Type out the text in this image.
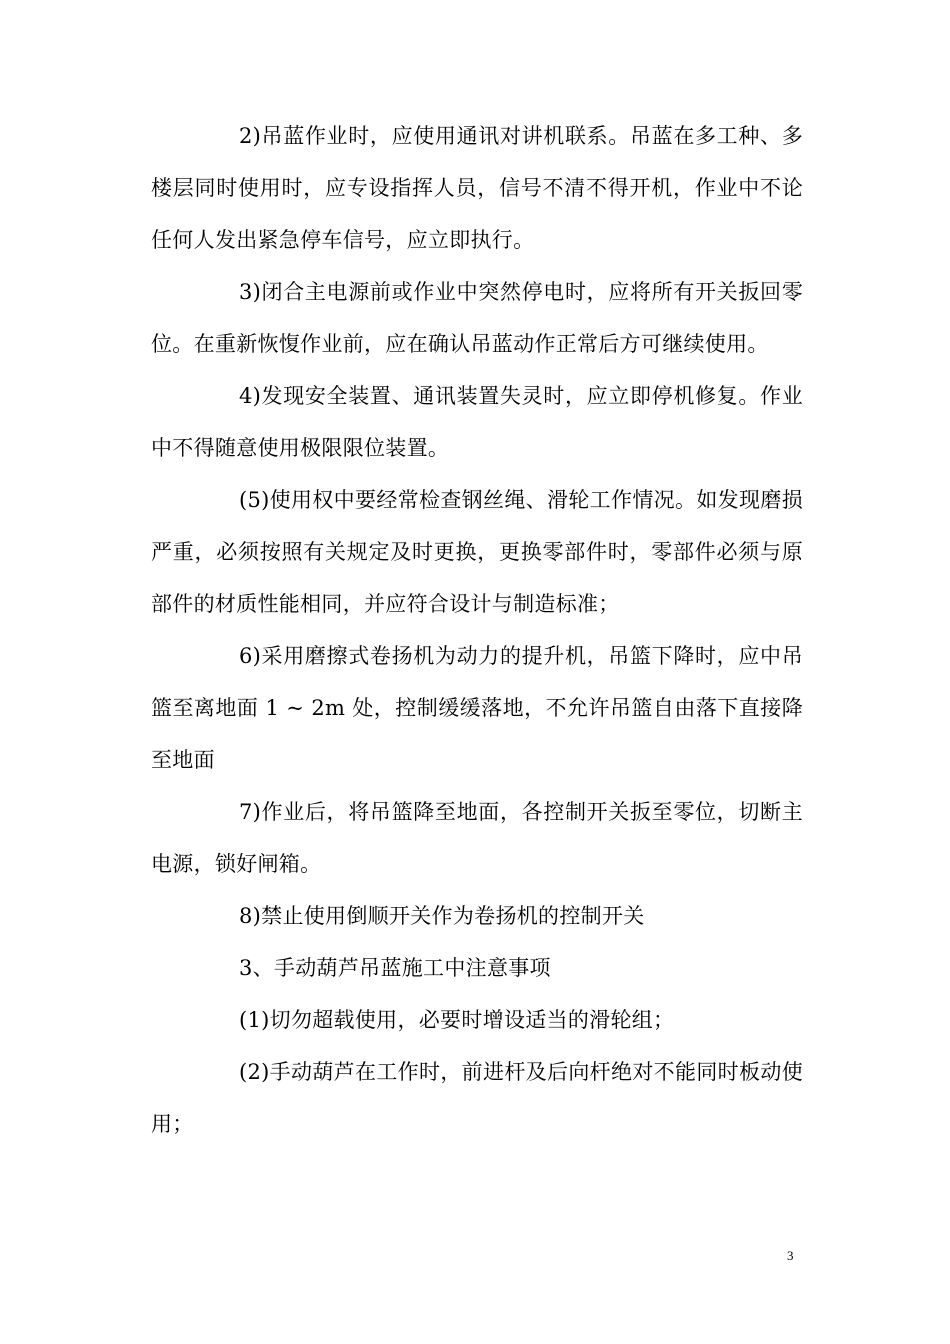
2)吊蓝作业时，应使用通讯对讲机联系。吊蓝在多工种、多楼层同时使用时，应专设指挥人员，信号不清不得开机，作业中不论任何人发出紧急停车信号，应立即执行。

3)闭合主电源前或作业中突然停电时，应将所有开关扳回零位。在重新恢愎作业前，应在确认吊蓝动作正常后方可继续使用。

4)发现安全装置、通讯装置失灵时，应立即停机修复。作业中不得随意使用极限限位装置。

(5)使用权中要经常检查钢丝绳、滑轮工作情况。如发现磨损严重，必须按照有关规定及时更换，更换零部件时，零部件必须与原部件的材质性能相同，并应符合设计与制造标准；

6)采用磨擦式卷扬机为动力的提升机，吊篮下降时，应中吊篮至离地面 1 ~ 2m 处，控制缓缓落地，不允许吊篮自由落下直接降至地面

7)作业后，将吊篮降至地面，各控制开关扳至零位，切断主电源，锁好闸箱。

8)禁止使用倒顺开关作为卷扬机的控制开关

3、手动葫芦吊蓝施工中注意事项

(1)切勿超载使用，必要时增设适当的滑轮组；

(2)手动葫芦在工作时，前进杆及后向杆绝对不能同时板动使用；

3
